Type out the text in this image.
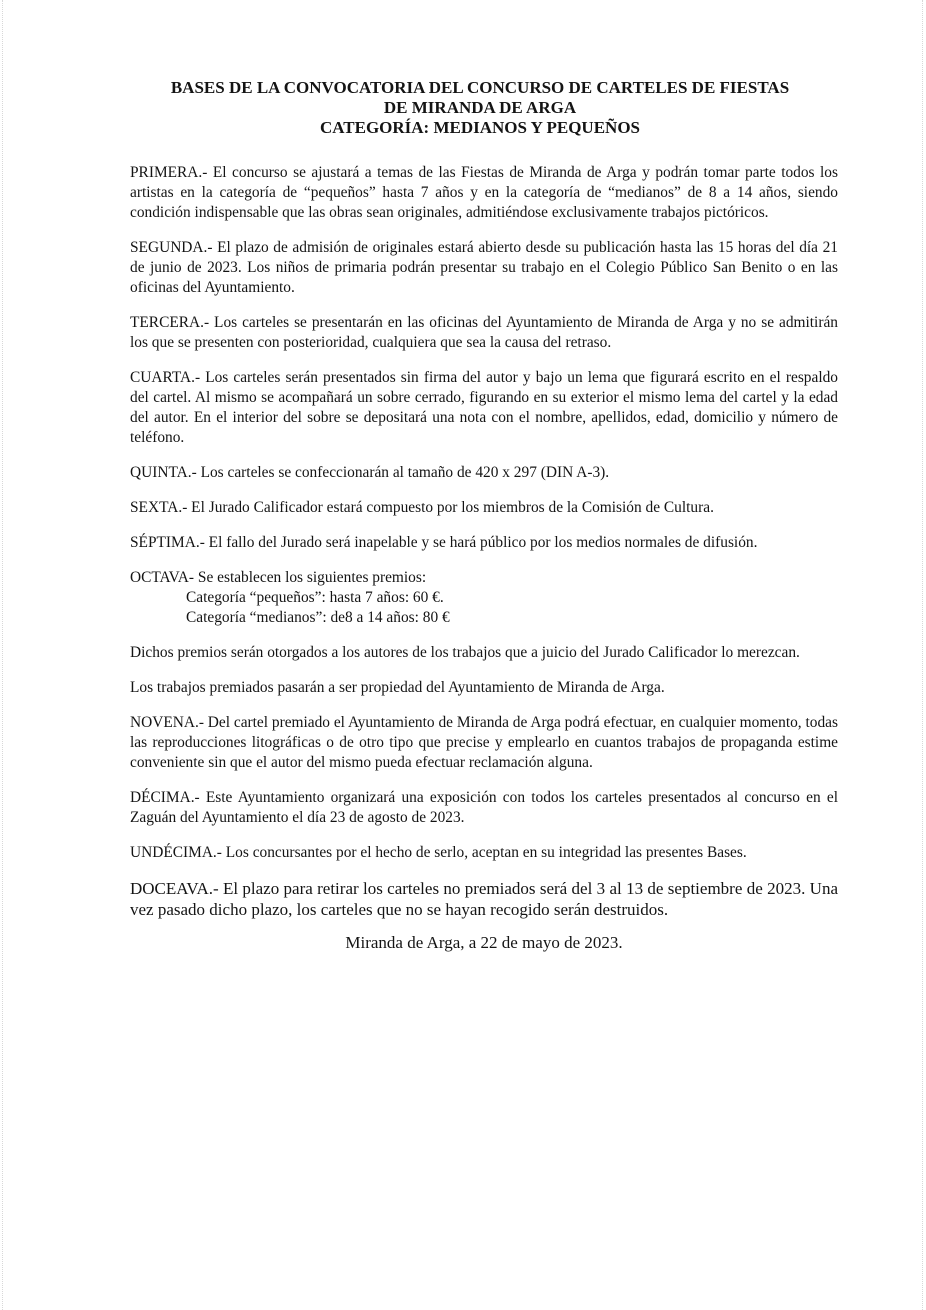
BASES DE LA CONVOCATORIA DEL CONCURSO DE CARTELES DE FIESTAS
DE MIRANDA DE ARGA
CATEGORÍA: MEDIANOS Y PEQUEÑOS

PRIMERA.- El concurso se ajustará a temas de las Fiestas de Miranda de Arga y podrán tomar parte todos los artistas en la categoría de “pequeños” hasta 7 años y en la categoría de “medianos” de 8 a 14 años, siendo condición indispensable que las obras sean originales, admitiéndose exclusivamente trabajos pictóricos.

SEGUNDA.- El plazo de admisión de originales estará abierto desde su publicación hasta las 15 horas del día 21 de junio de 2023. Los niños de primaria podrán presentar su trabajo en el Colegio Público San Benito o en las oficinas del Ayuntamiento.

TERCERA.- Los carteles se presentarán en las oficinas del Ayuntamiento de Miranda de Arga y no se admitirán los que se presenten con posterioridad, cualquiera que sea la causa del retraso.

CUARTA.- Los carteles serán presentados sin firma del autor y bajo un lema que figurará escrito en el respaldo del cartel. Al mismo se acompañará un sobre cerrado, figurando en su exterior el mismo lema del cartel y la edad del autor. En el interior del sobre se depositará una nota con el nombre, apellidos, edad, domicilio y número de teléfono.

QUINTA.- Los carteles se confeccionarán al tamaño de 420 x 297 (DIN A-3).

SEXTA.- El Jurado Calificador estará compuesto por los miembros de la Comisión de Cultura.

SÉPTIMA.- El fallo del Jurado será inapelable y se hará público por los medios normales de difusión.

OCTAVA- Se establecen los siguientes premios:

Categoría “pequeños”: hasta 7 años: 60 €.
Categoría “medianos”: de8 a 14 años: 80 €

Dichos premios serán otorgados a los autores de los trabajos que a juicio del Jurado Calificador lo merezcan.

Los trabajos premiados pasarán a ser propiedad del Ayuntamiento de Miranda de Arga.

NOVENA.- Del cartel premiado el Ayuntamiento de Miranda de Arga podrá efectuar, en cualquier momento, todas las reproducciones litográficas o de otro tipo que precise y emplearlo en cuantos trabajos de propaganda estime conveniente sin que el autor del mismo pueda efectuar reclamación alguna.

DÉCIMA.- Este Ayuntamiento organizará una exposición con todos los carteles presentados al concurso en el Zaguán del Ayuntamiento el día 23 de agosto de 2023.

UNDÉCIMA.- Los concursantes por el hecho de serlo, aceptan en su integridad las presentes Bases.

DOCEAVA.- El plazo para retirar los carteles no premiados será del 3 al 13 de septiembre de 2023. Una vez pasado dicho plazo, los carteles que no se hayan recogido serán destruidos.

Miranda de Arga, a 22 de mayo de 2023.
